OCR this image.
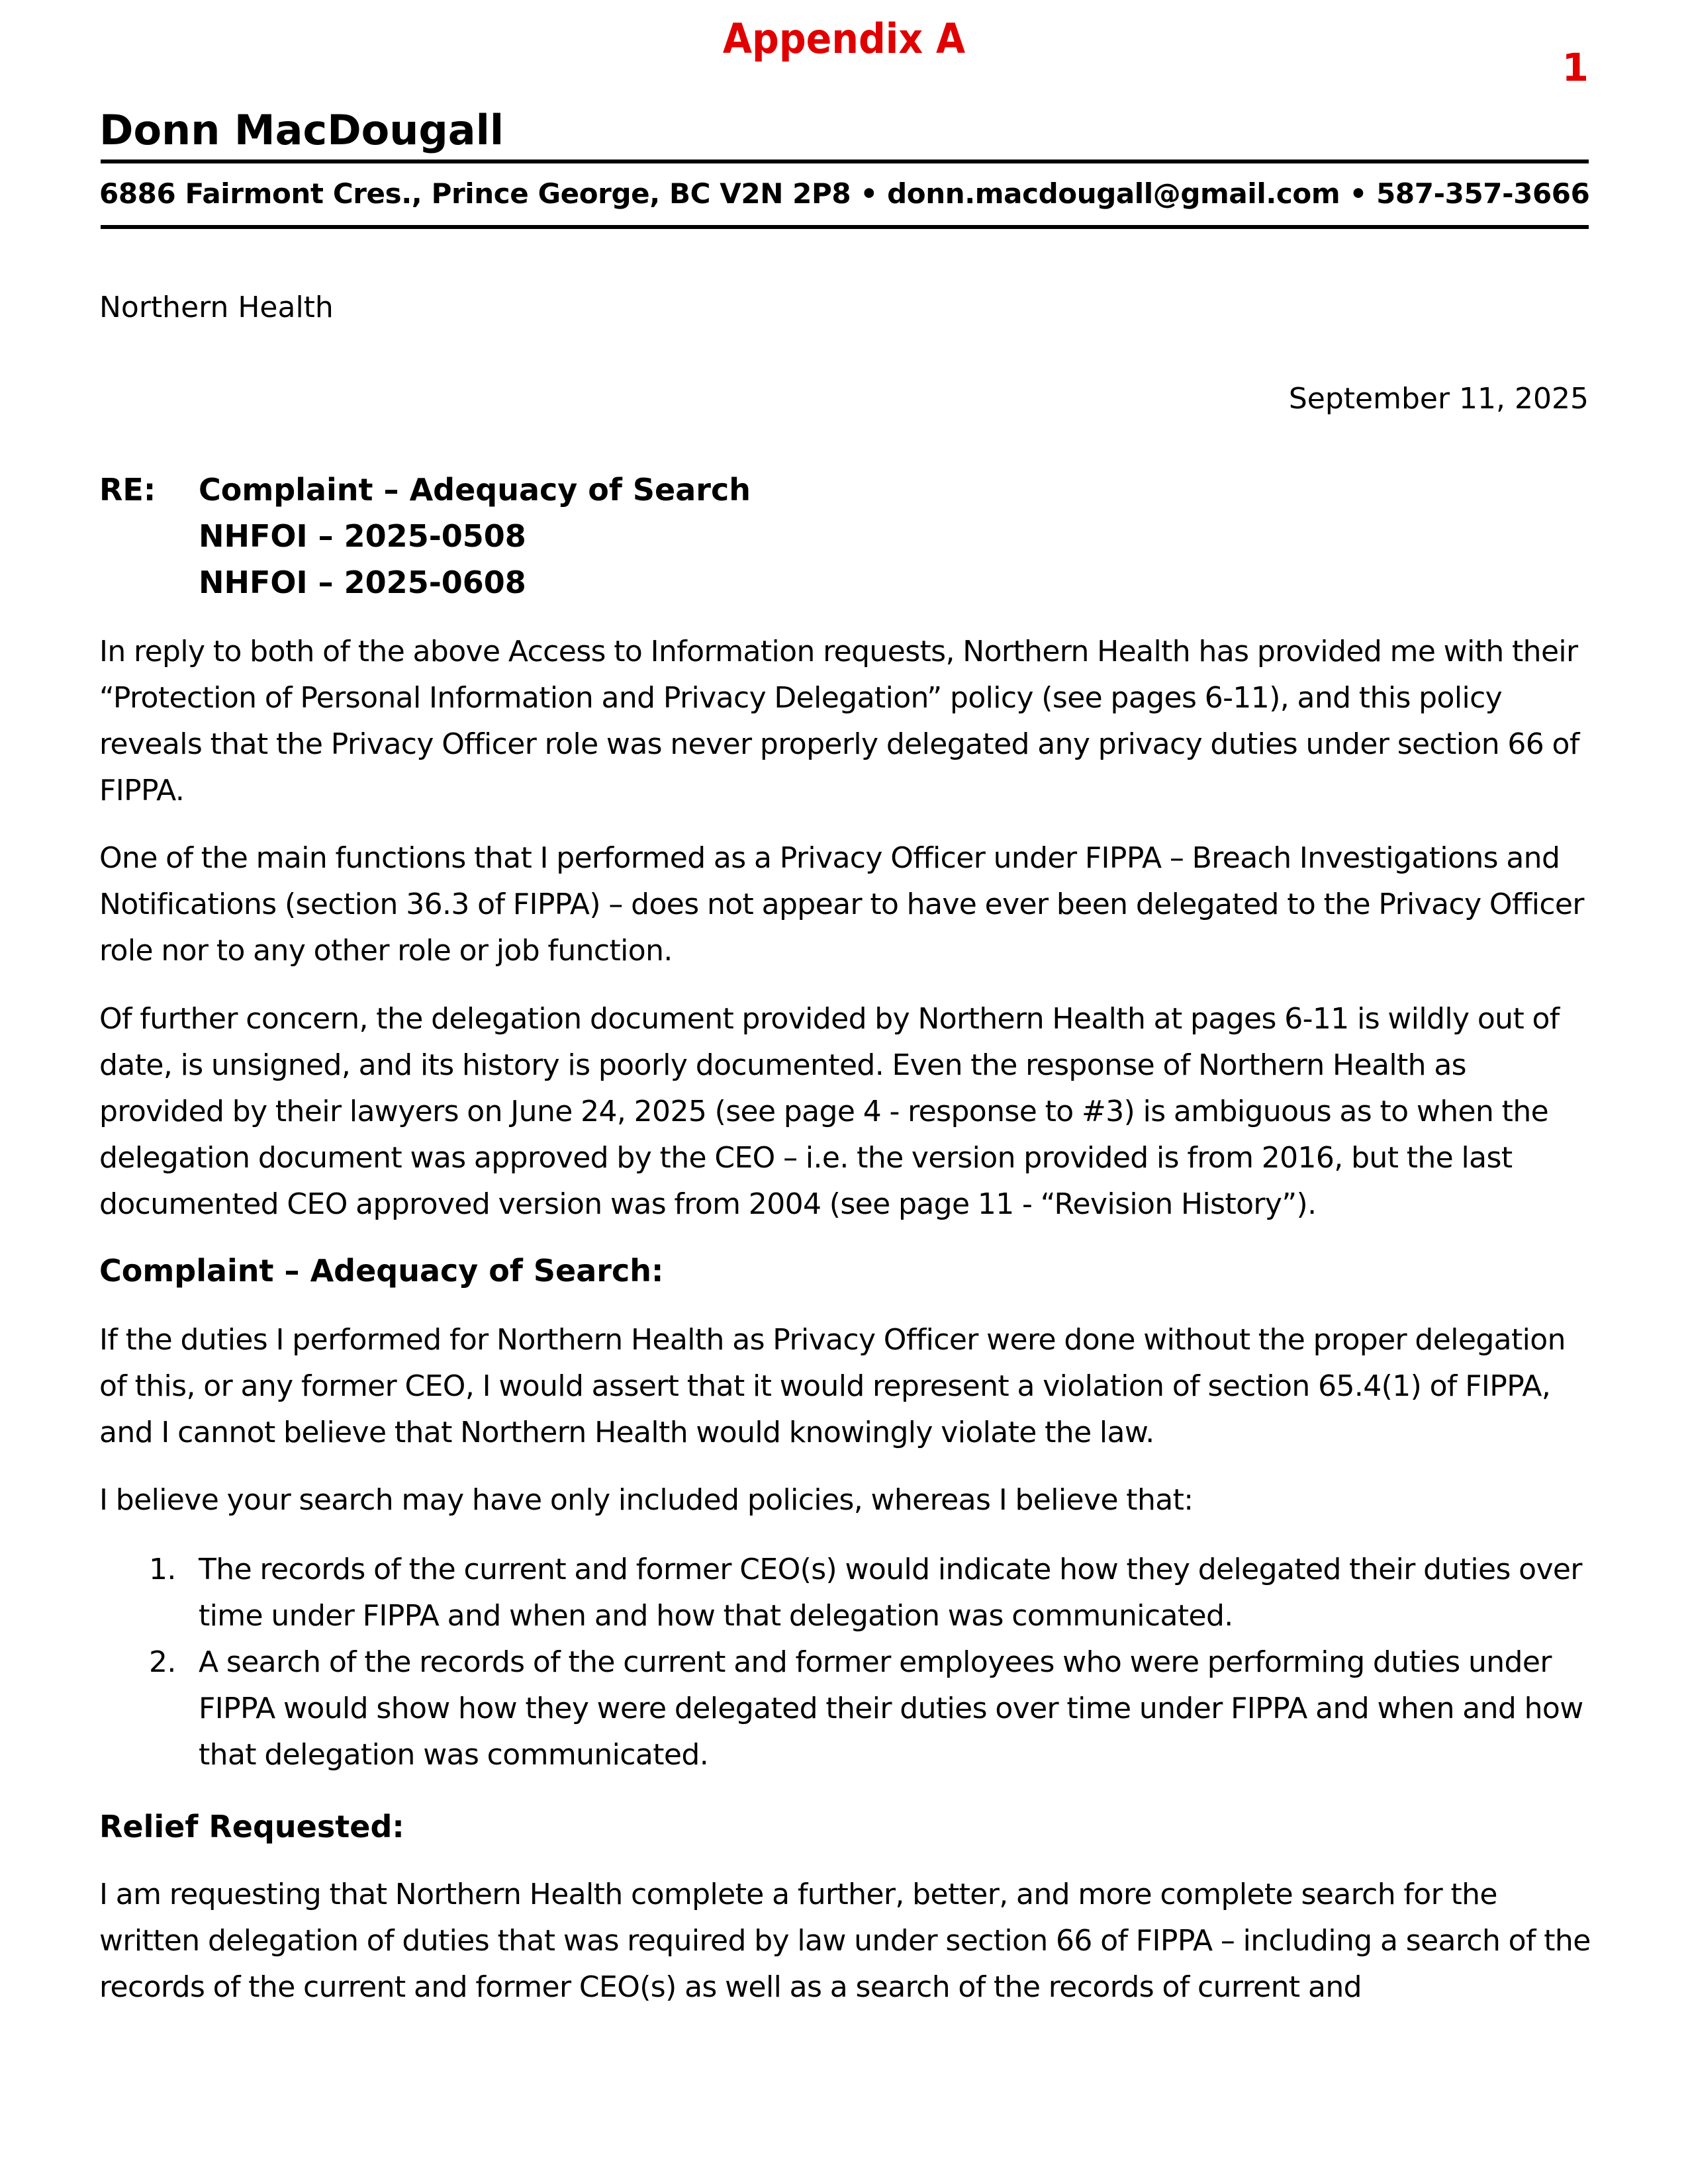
Appendix A
1
Donn MacDougall
6886 Fairmont Cres., Prince George, BC V2N 2P8 • donn.macdougall@gmail.com • 587-357-3666
Northern Health
September 11, 2025
RE: Complaint – Adequacy of Search
NHFOI – 2025-0508
NHFOI – 2025-0608

In reply to both of the above Access to Information requests, Northern Health has provided me with their “Protection of Personal Information and Privacy Delegation” policy (see pages 6-11), and this policy reveals that the Privacy Officer role was never properly delegated any privacy duties under section 66 of FIPPA.

One of the main functions that I performed as a Privacy Officer under FIPPA – Breach Investigations and Notifications (section 36.3 of FIPPA) – does not appear to have ever been delegated to the Privacy Officer role nor to any other role or job function.

Of further concern, the delegation document provided by Northern Health at pages 6-11 is wildly out of date, is unsigned, and its history is poorly documented. Even the response of Northern Health as provided by their lawyers on June 24, 2025 (see page 4 - response to #3) is ambiguous as to when the delegation document was approved by the CEO – i.e. the version provided is from 2016, but the last documented CEO approved version was from 2004 (see page 11 - “Revision History”).

Complaint – Adequacy of Search:

If the duties I performed for Northern Health as Privacy Officer were done without the proper delegation of this, or any former CEO, I would assert that it would represent a violation of section 65.4(1) of FIPPA, and I cannot believe that Northern Health would knowingly violate the law.

I believe your search may have only included policies, whereas I believe that:

1. The records of the current and former CEO(s) would indicate how they delegated their duties over time under FIPPA and when and how that delegation was communicated.
2. A search of the records of the current and former employees who were performing duties under FIPPA would show how they were delegated their duties over time under FIPPA and when and how that delegation was communicated.
Relief Requested:

I am requesting that Northern Health complete a further, better, and more complete search for the written delegation of duties that was required by law under section 66 of FIPPA – including a search of the records of the current and former CEO(s) as well as a search of the records of current and
